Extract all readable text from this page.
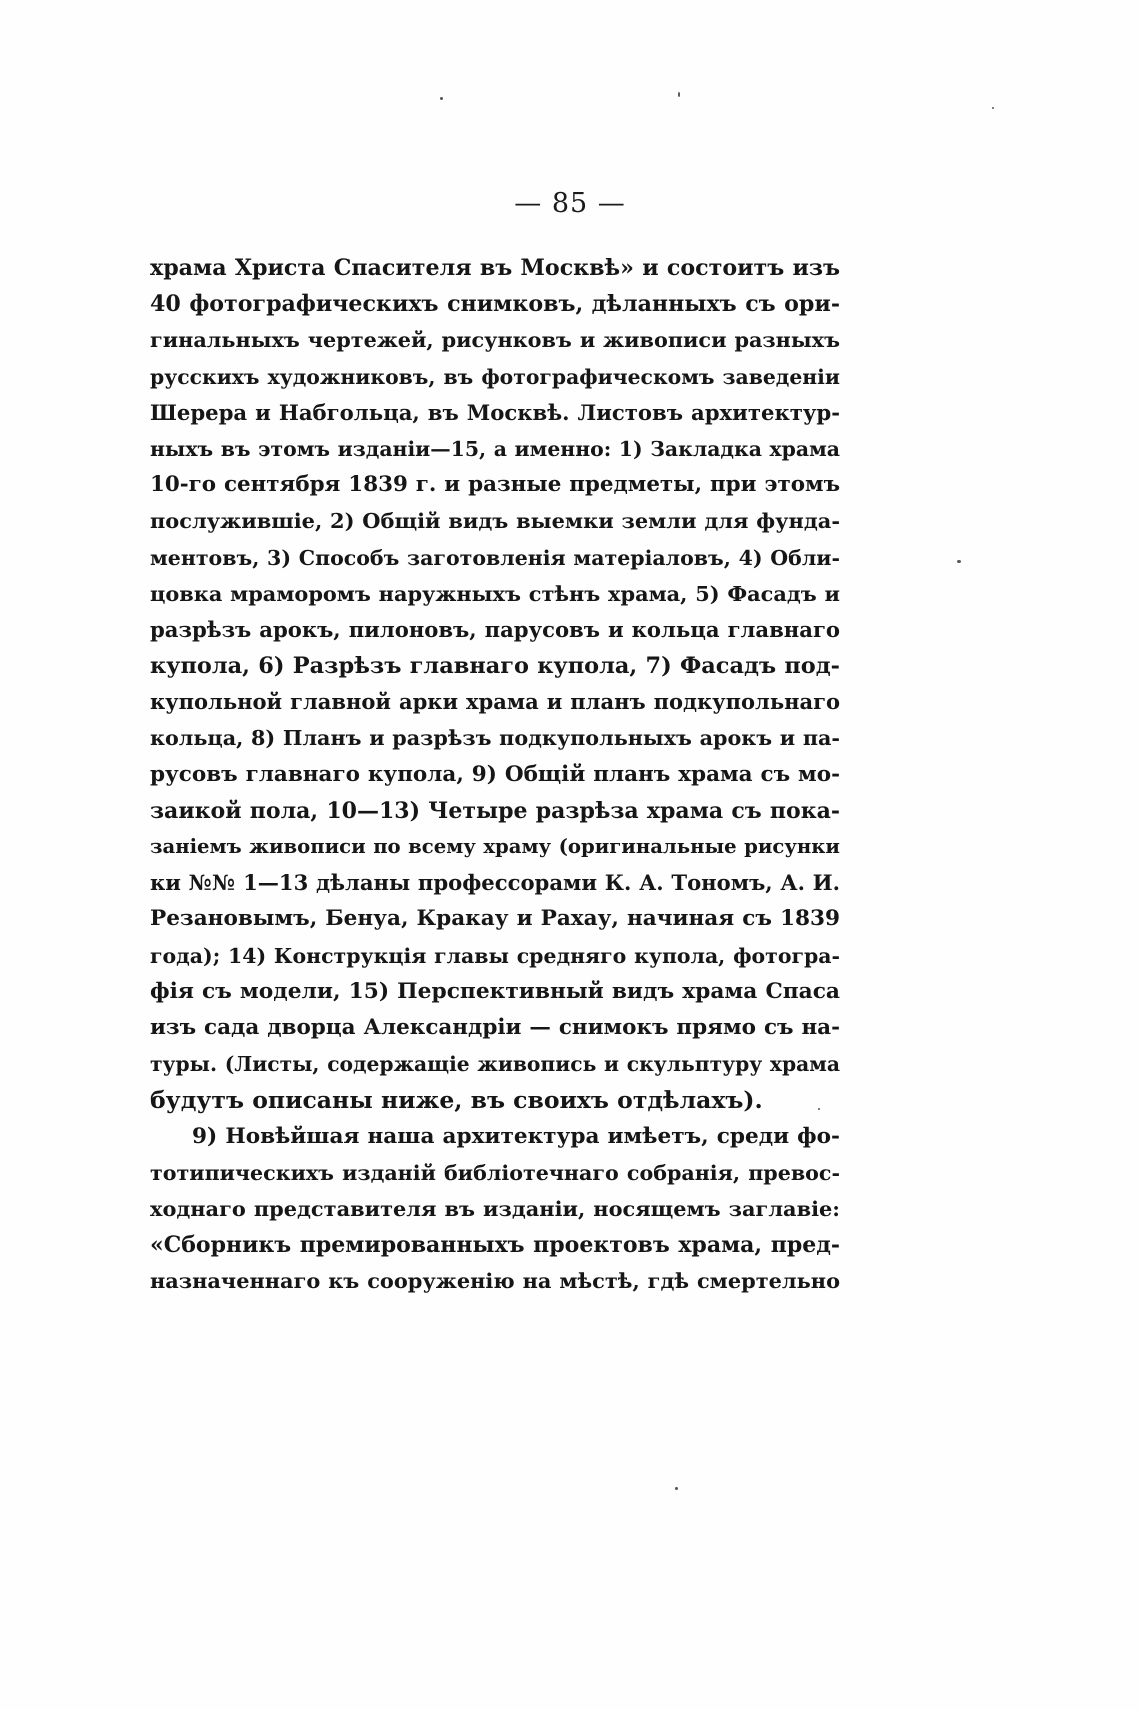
— 85 —
храма Христа Спасителя въ Москвѣ» и состоитъ изъ
40 фотографическихъ снимковъ, дѣланныхъ съ ори-
гинальныхъ чертежей, рисунковъ и живописи разныхъ
русскихъ художниковъ, въ фотографическомъ заведенiи
Шерера и Набгольца, въ Москвѣ. Листовъ архитектур-
ныхъ въ этомъ изданiи—15, а именно: 1) Закладка храма
10-го сентября 1839 г. и разные предметы, при этомъ
послужившiе, 2) Общiй видъ выемки земли для фунда-
ментовъ, 3) Способъ заготовленiя матерiаловъ, 4) Обли-
цовка мраморомъ наружныхъ стѣнъ храма, 5) Фасадъ и
разрѣзъ арокъ, пилоновъ, парусовъ и кольца главнаго
купола, 6) Разрѣзъ главнаго купола, 7) Фасадъ под-
купольной главной арки храма и планъ подкупольнаго
кольца, 8) Планъ и разрѣзъ подкупольныхъ арокъ и па-
русовъ главнаго купола, 9) Общiй планъ храма съ мо-
заикой пола, 10—13) Четыре разрѣза храма съ пока-
занiемъ живописи по всему храму (оригинальные рисунки
ки №№ 1—13 дѣланы профессорами К. А. Тономъ, А. И.
Резановымъ, Бенуа, Кракау и Рахау, начиная съ 1839
года); 14) Конструкцiя главы средняго купола, фотогра-
фiя съ модели, 15) Перспективный видъ храма Спаса
изъ сада дворца Александрiи — снимокъ прямо съ на-
туры. (Листы, содержащiе живопись и скульптуру храма
будутъ описаны ниже, въ своихъ отдѣлахъ).
9) Новѣйшая наша архитектура имѣетъ, среди фо-
тотипическихъ изданiй библiотечнаго собранiя, превос-
ходнаго представителя въ изданiи, носящемъ заглавiе:
«Сборникъ премированныхъ проектовъ храма, пред-
назначеннаго къ сооруженiю на мѣстѣ, гдѣ смертельно
